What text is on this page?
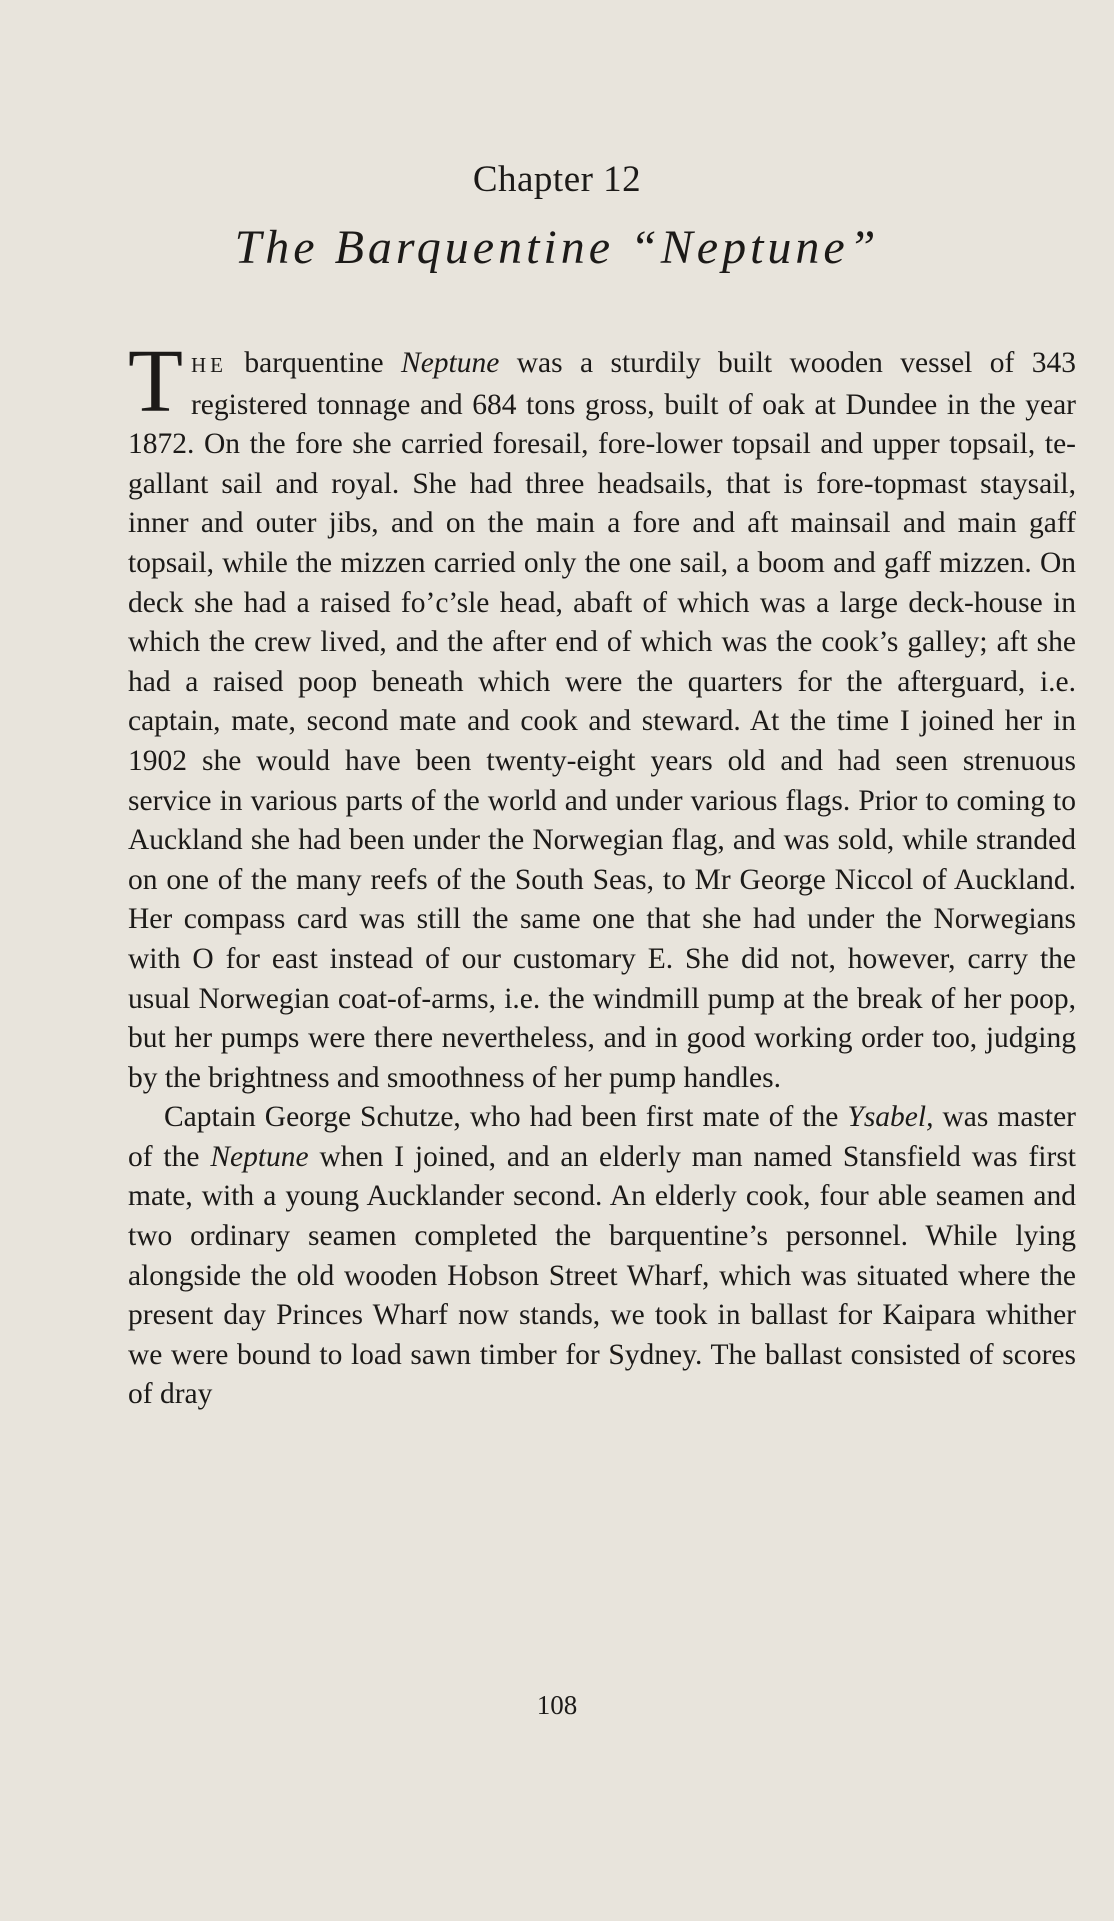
Chapter 12
The Barquentine “Neptune”

THE barquentine Neptune was a sturdily built wooden vessel of 343 registered tonnage and 684 tons gross, built of oak at Dundee in the year 1872. On the fore she carried foresail, fore-lower topsail and upper topsail, te-gallant sail and royal. She had three headsails, that is fore-topmast staysail, inner and outer jibs, and on the main a fore and aft mainsail and main gaff topsail, while the mizzen carried only the one sail, a boom and gaff mizzen. On deck she had a raised fo’c’sle head, abaft of which was a large deck-house in which the crew lived, and the after end of which was the cook’s galley; aft she had a raised poop beneath which were the quarters for the afterguard, i.e. captain, mate, second mate and cook and steward. At the time I joined her in 1902 she would have been twenty-eight years old and had seen strenuous service in various parts of the world and under various flags. Prior to coming to Auckland she had been under the Norwegian flag, and was sold, while stranded on one of the many reefs of the South Seas, to Mr George Niccol of Auckland. Her compass card was still the same one that she had under the Norwegians with O for east instead of our customary E. She did not, however, carry the usual Norwegian coat-of-arms, i.e. the windmill pump at the break of her poop, but her pumps were there nevertheless, and in good working order too, judging by the brightness and smoothness of her pump handles.

Captain George Schutze, who had been first mate of the Ysabel, was master of the Neptune when I joined, and an elderly man named Stansfield was first mate, with a young Aucklander second. An elderly cook, four able seamen and two ordinary seamen completed the barquentine’s personnel. While lying alongside the old wooden Hobson Street Wharf, which was situated where the present day Princes Wharf now stands, we took in ballast for Kaipara whither we were bound to load sawn timber for Sydney. The ballast consisted of scores of dray

108
